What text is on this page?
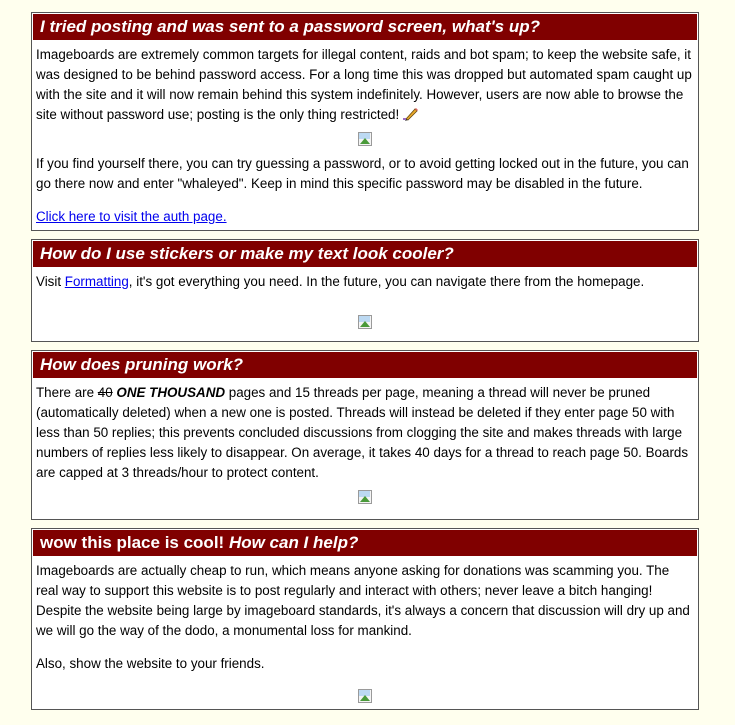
I tried posting and was sent to a password screen, what's up?

Imageboards are extremely common targets for illegal content, raids and bot spam; to keep the website safe, it was designed to be behind password access. For a long time this was dropped but automated spam caught up with the site and it will now remain behind this system indefinitely. However, users are now able to browse the site without password use; posting is the only thing restricted!

If you find yourself there, you can try guessing a password, or to avoid getting locked out in the future, you can go there now and enter "whaleyed". Keep in mind this specific password may be disabled in the future.

Click here to visit the auth page.

How do I use stickers or make my text look cooler?

Visit Formatting, it's got everything you need. In the future, you can navigate there from the homepage.

How does pruning work?

There are 40 ONE THOUSAND pages and 15 threads per page, meaning a thread will never be pruned (automatically deleted) when a new one is posted. Threads will instead be deleted if they enter page 50 with less than 50 replies; this prevents concluded discussions from clogging the site and makes threads with large numbers of replies less likely to disappear. On average, it takes 40 days for a thread to reach page 50. Boards are capped at 3 threads/hour to protect content.

wow this place is cool! How can I help?

Imageboards are actually cheap to run, which means anyone asking for donations was scamming you. The real way to support this website is to post regularly and interact with others; never leave a bitch hanging! Despite the website being large by imageboard standards, it's always a concern that discussion will dry up and we will go the way of the dodo, a monumental loss for mankind.

Also, show the website to your friends.
